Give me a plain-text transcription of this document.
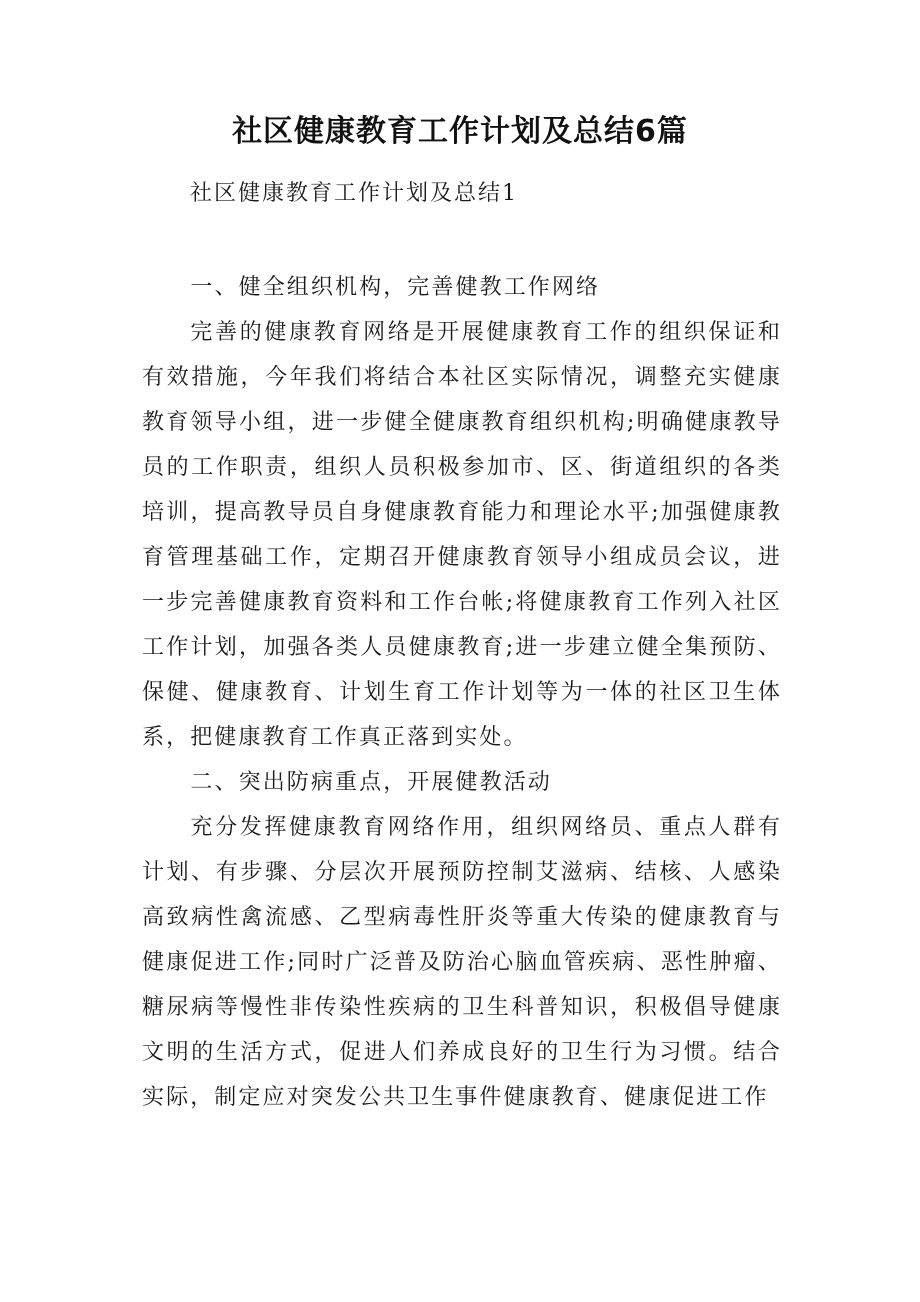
社区健康教育工作计划及总结6篇
社区健康教育工作计划及总结1

一、健全组织机构，完善健教工作网络

完善的健康教育网络是开展健康教育工作的组织保证和有效措施，今年我们将结合本社区实际情况，调整充实健康教育领导小组，进一步健全健康教育组织机构;明确健康教导员的工作职责，组织人员积极参加市、区、街道组织的各类培训，提高教导员自身健康教育能力和理论水平;加强健康教育管理基础工作，定期召开健康教育领导小组成员会议，进一步完善健康教育资料和工作台帐;将健康教育工作列入社区工作计划，加强各类人员健康教育;进一步建立健全集预防、保健、健康教育、计划生育工作计划等为一体的社区卫生体系，把健康教育工作真正落到实处。

二、突出防病重点，开展健教活动

充分发挥健康教育网络作用，组织网络员、重点人群有计划、有步骤、分层次开展预防控制艾滋病、结核、人感染高致病性禽流感、乙型病毒性肝炎等重大传染的健康教育与健康促进工作;同时广泛普及防治心脑血管疾病、恶性肿瘤、糖尿病等慢性非传染性疾病的卫生科普知识，积极倡导健康文明的生活方式，促进人们养成良好的卫生行为习惯。结合实际，制定应对突发公共卫生事件健康教育、健康促进工作
